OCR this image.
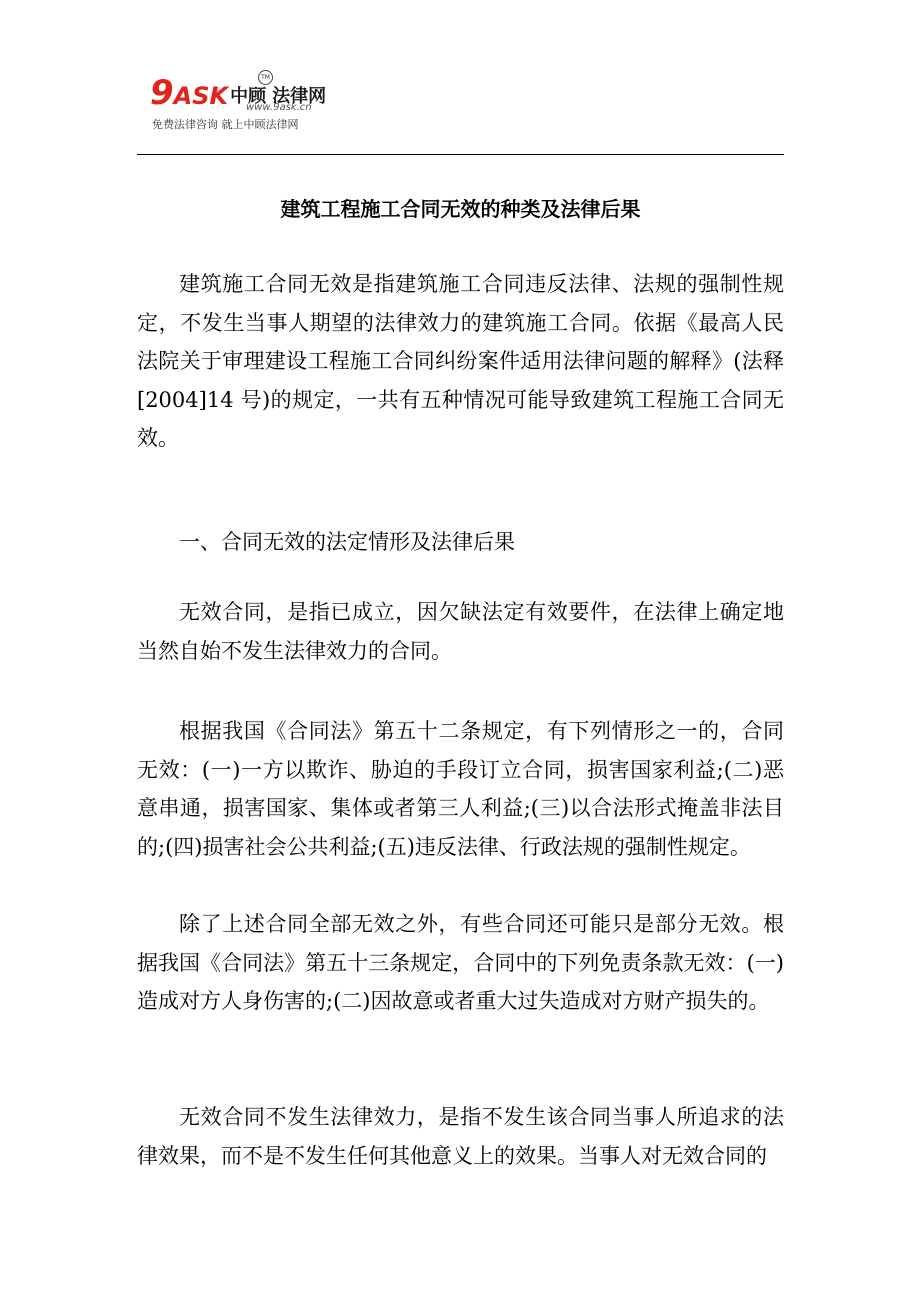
9 ASK 中顾 法律网
TM
www.9ask.cn
免费法律咨询 就上中顾法律网
建筑工程施工合同无效的种类及法律后果

建筑施工合同无效是指建筑施工合同违反法律、法规的强制性规定，不发生当事人期望的法律效力的建筑施工合同。依据《最高人民法院关于审理建设工程施工合同纠纷案件适用法律问题的解释》(法释[2004]14 号)的规定，一共有五种情况可能导致建筑工程施工合同无效。

一、合同无效的法定情形及法律后果

无效合同，是指已成立，因欠缺法定有效要件，在法律上确定地当然自始不发生法律效力的合同。

根据我国《合同法》第五十二条规定，有下列情形之一的，合同无效：(一)一方以欺诈、胁迫的手段订立合同，损害国家利益;(二)恶意串通，损害国家、集体或者第三人利益;(三)以合法形式掩盖非法目的;(四)损害社会公共利益;(五)违反法律、行政法规的强制性规定。

除了上述合同全部无效之外，有些合同还可能只是部分无效。根据我国《合同法》第五十三条规定，合同中的下列免责条款无效：(一)造成对方人身伤害的;(二)因故意或者重大过失造成对方财产损失的。

无效合同不发生法律效力，是指不发生该合同当事人所追求的法律效果，而不是不发生任何其他意义上的效果。当事人对无效合同的
